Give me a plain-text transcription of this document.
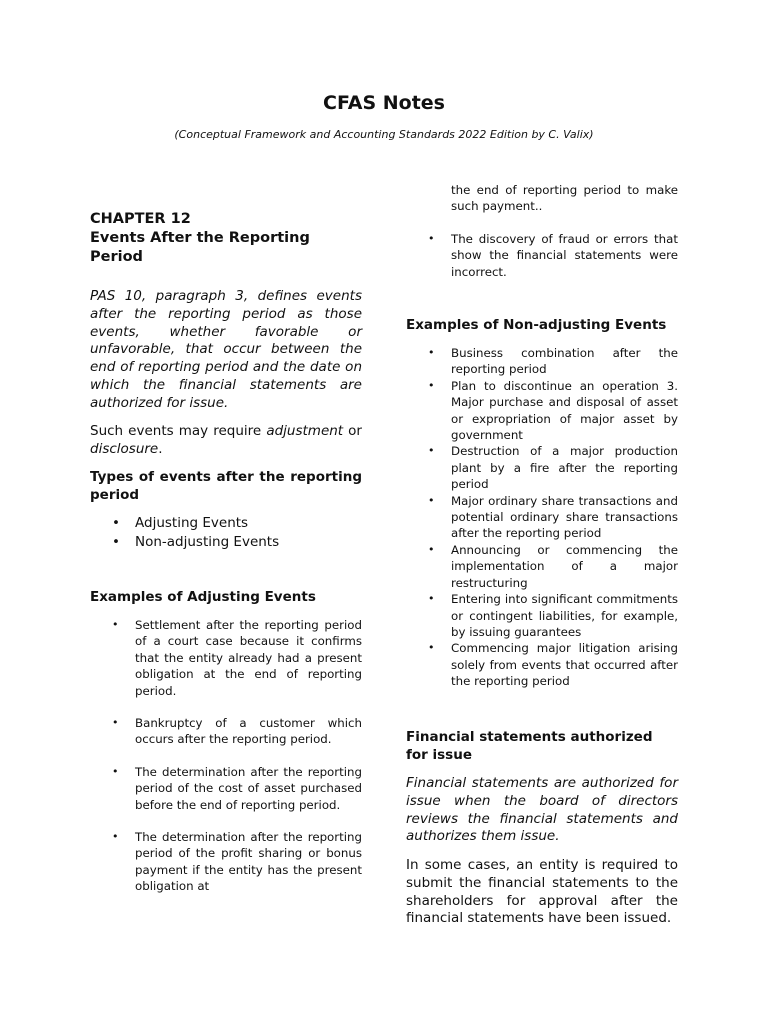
CFAS Notes

(Conceptual Framework and Accounting Standards 2022 Edition by C. Valix)

CHAPTER 12
Events After the Reporting Period

PAS 10, paragraph 3, defines events after the reporting period as those events, whether favorable or unfavorable, that occur between the end of reporting period and the date on which the financial statements are authorized for issue.

Such events may require adjustment or disclosure.

Types of events after the reporting period
• Adjusting Events
• Non-adjusting Events
Examples of Adjusting Events
• Settlement after the reporting period of a court case because it confirms that the entity already had a present obligation at the end of reporting period.
• Bankruptcy of a customer which occurs after the reporting period.
• The determination after the reporting period of the cost of asset purchased before the end of reporting period.
• The determination after the reporting period of the profit sharing or bonus payment if the entity has the present obligation at
the end of reporting period to make such payment..
• The discovery of fraud or errors that show the financial statements were incorrect.
Examples of Non-adjusting Events
• Business combination after the reporting period
• Plan to discontinue an operation 3. Major purchase and disposal of asset or expropriation of major asset by government
• Destruction of a major production plant by a fire after the reporting period
• Major ordinary share transactions and potential ordinary share transactions after the reporting period
• Announcing or commencing the implementation of a major restructuring
• Entering into significant commitments or contingent liabilities, for example, by issuing guarantees
• Commencing major litigation arising solely from events that occurred after the reporting period
Financial statements authorized for issue

Financial statements are authorized for issue when the board of directors reviews the financial statements and authorizes them issue.

In some cases, an entity is required to submit the financial statements to the shareholders for approval after the financial statements have been issued.
